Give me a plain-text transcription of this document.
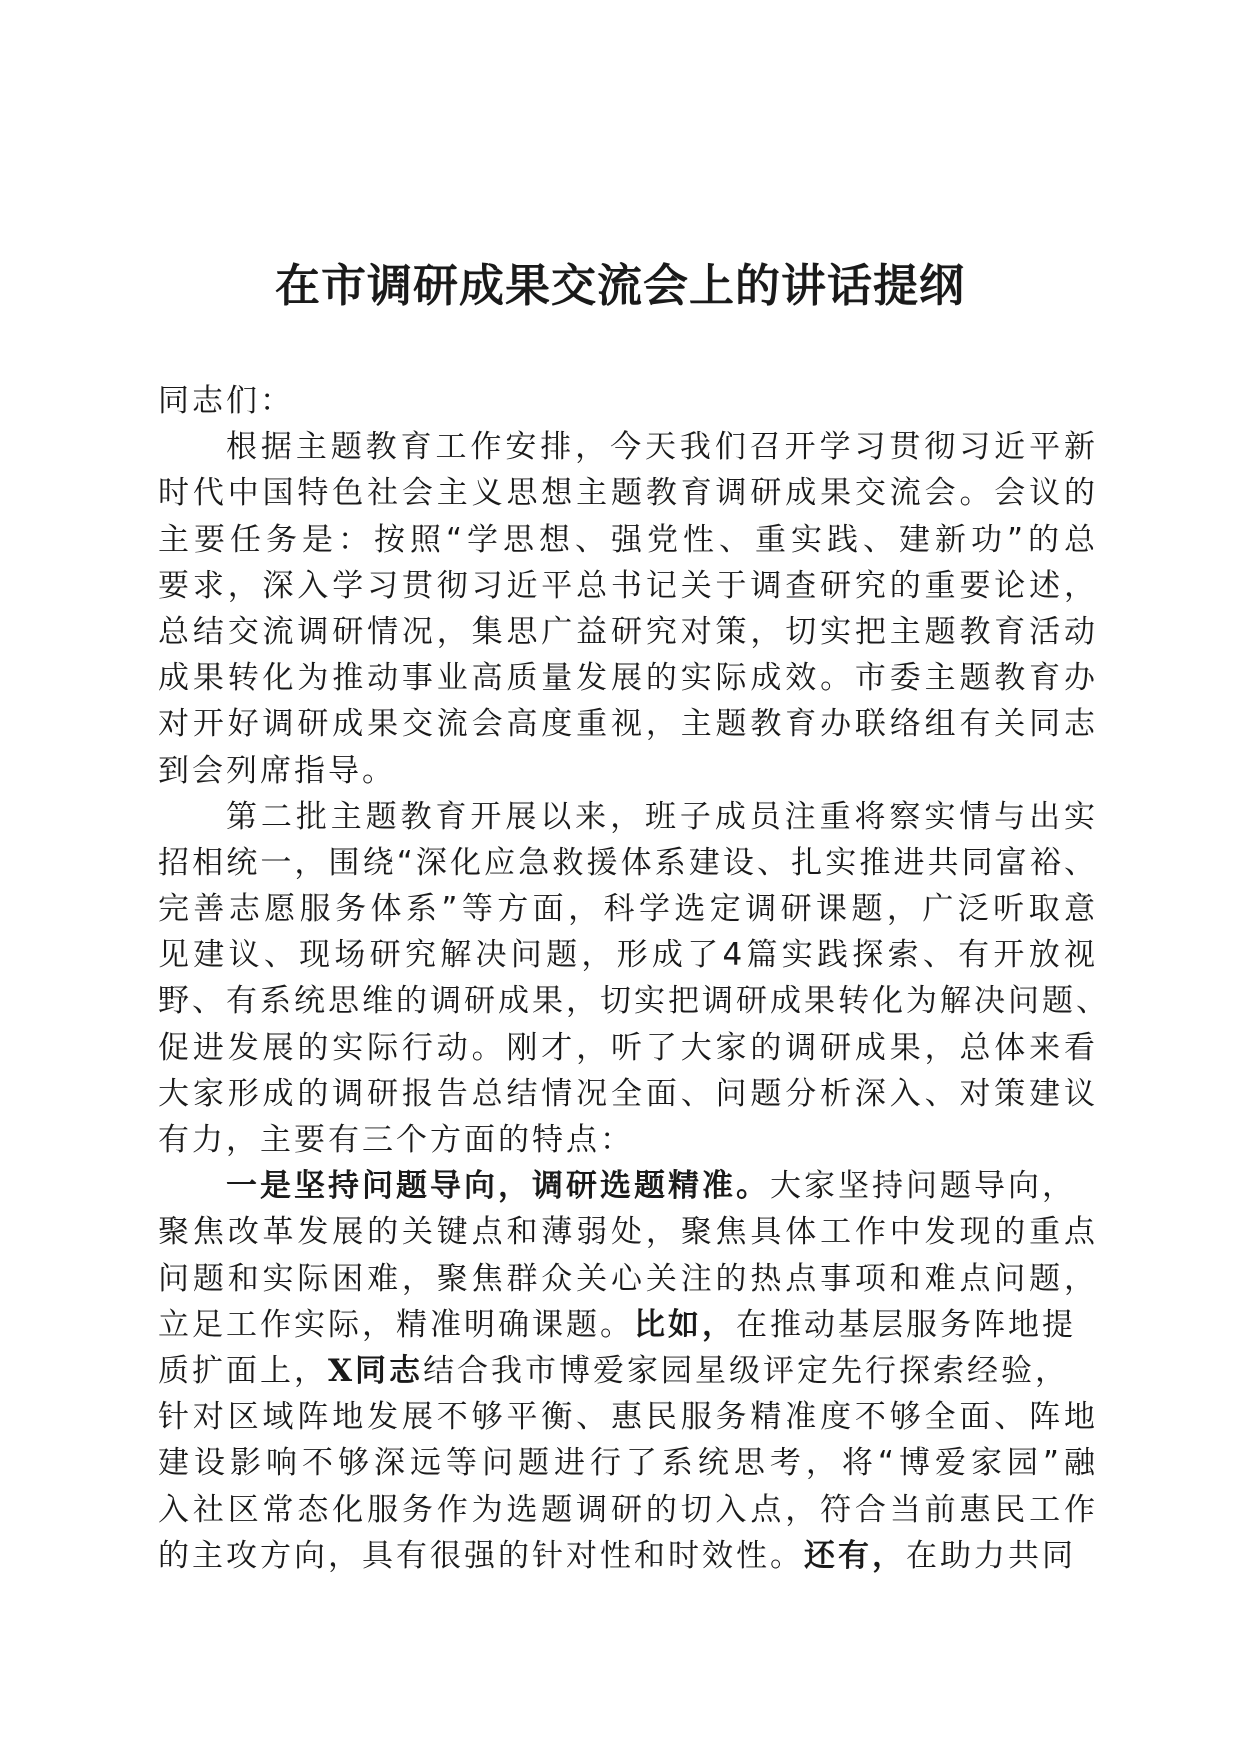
在市调研成果交流会上的讲话提纲
同志们：
根据主题教育工作安排，今天我们召开学习贯彻习近平新
时代中国特色社会主义思想主题教育调研成果交流会。会议的
主要任务是：按照“学思想、强党性、重实践、建新功”的总
要求，深入学习贯彻习近平总书记关于调查研究的重要论述，
总结交流调研情况，集思广益研究对策，切实把主题教育活动
成果转化为推动事业高质量发展的实际成效。市委主题教育办
对开好调研成果交流会高度重视，主题教育办联络组有关同志
到会列席指导。
第二批主题教育开展以来，班子成员注重将察实情与出实
招相统一，围绕“深化应急救援体系建设、扎实推进共同富裕、
完善志愿服务体系”等方面，科学选定调研课题，广泛听取意
见建议、现场研究解决问题，形成了4篇实践探索、有开放视
野、有系统思维的调研成果，切实把调研成果转化为解决问题、
促进发展的实际行动。刚才，听了大家的调研成果，总体来看
大家形成的调研报告总结情况全面、问题分析深入、对策建议
有力，主要有三个方面的特点：
一是坚持问题导向，调研选题精准。大家坚持问题导向，
聚焦改革发展的关键点和薄弱处，聚焦具体工作中发现的重点
问题和实际困难，聚焦群众关心关注的热点事项和难点问题，
立足工作实际，精准明确课题。比如，在推动基层服务阵地提
质扩面上，X同志结合我市博爱家园星级评定先行探索经验，
针对区域阵地发展不够平衡、惠民服务精准度不够全面、阵地
建设影响不够深远等问题进行了系统思考，将“博爱家园”融
入社区常态化服务作为选题调研的切入点，符合当前惠民工作
的主攻方向，具有很强的针对性和时效性。还有，在助力共同
